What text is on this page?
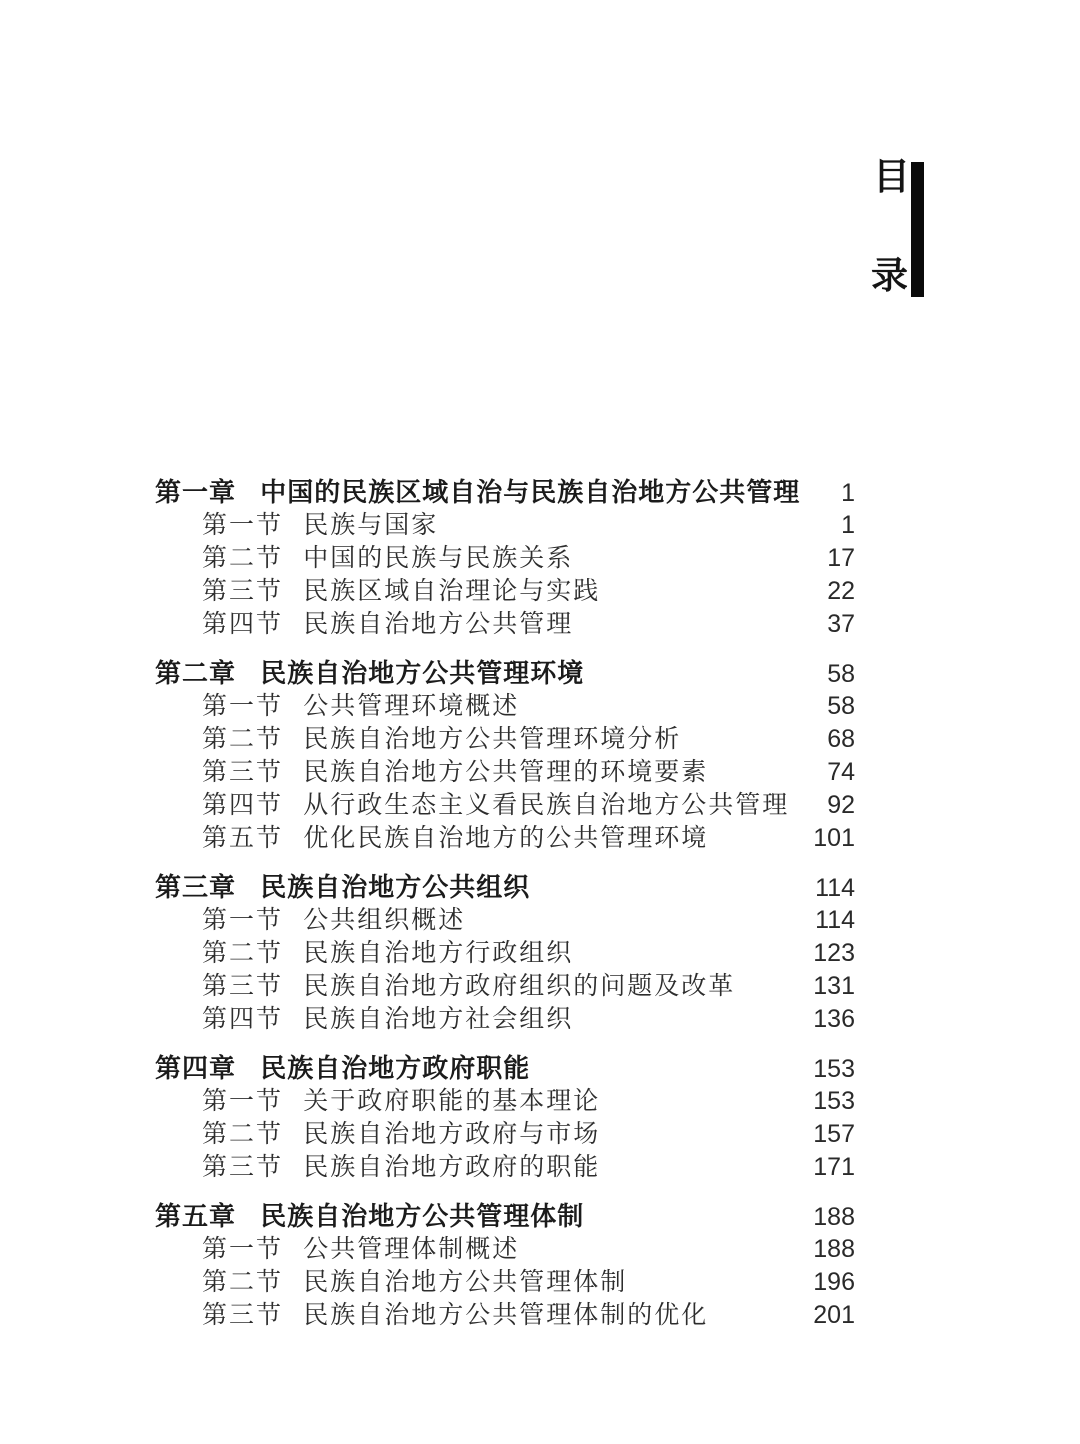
目
录
第一章 中国的民族区域自治与民族自治地方公共管理	1
第一节 民族与国家	1
第二节 中国的民族与民族关系	17
第三节 民族区域自治理论与实践	22
第四节 民族自治地方公共管理	37
第二章 民族自治地方公共管理环境	58
第一节 公共管理环境概述	58
第二节 民族自治地方公共管理环境分析	68
第三节 民族自治地方公共管理的环境要素	74
第四节 从行政生态主义看民族自治地方公共管理	92
第五节 优化民族自治地方的公共管理环境	101
第三章 民族自治地方公共组织	114
第一节 公共组织概述	114
第二节 民族自治地方行政组织	123
第三节 民族自治地方政府组织的问题及改革	131
第四节 民族自治地方社会组织	136
第四章 民族自治地方政府职能	153
第一节 关于政府职能的基本理论	153
第二节 民族自治地方政府与市场	157
第三节 民族自治地方政府的职能	171
第五章 民族自治地方公共管理体制	188
第一节 公共管理体制概述	188
第二节 民族自治地方公共管理体制	196
第三节 民族自治地方公共管理体制的优化	201
